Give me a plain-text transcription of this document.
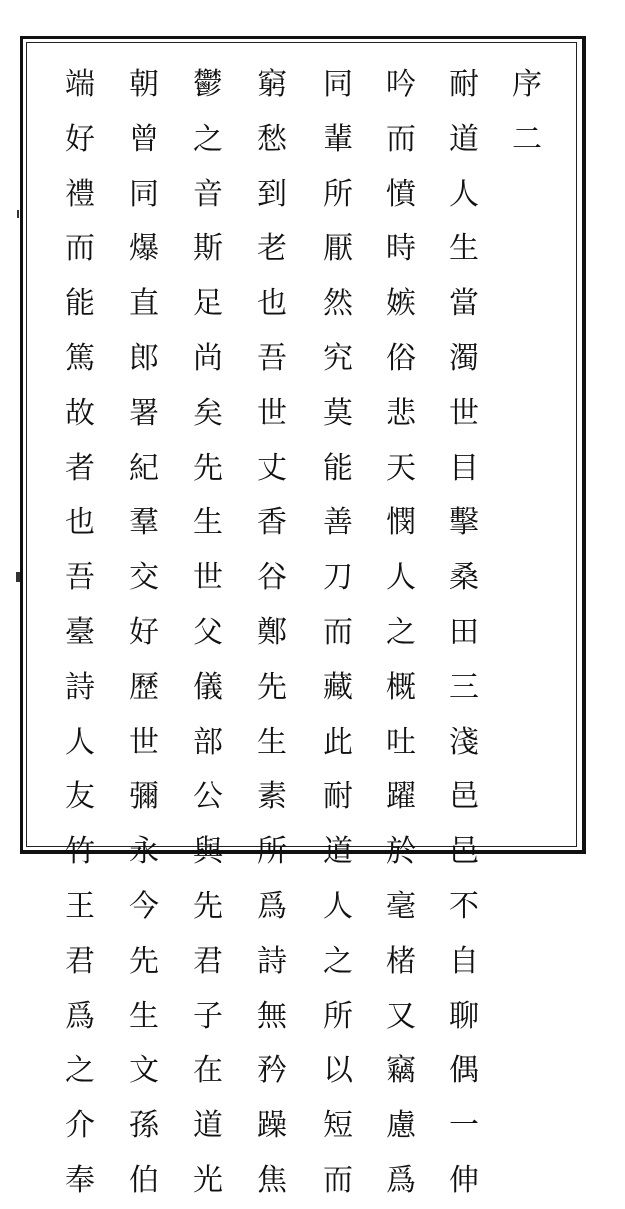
序
二
耐
道
人
生
當
濁
世
目
擊
桑
田
三
淺
邑
邑
不
自
聊
偶
一
伸
吟
而
憤
時
嫉
俗
悲
天
憫
人
之
概
吐
躍
於
毫
楮
又
竊
慮
爲
同
輩
所
厭
然
究
莫
能
善
刀
而
藏
此
耐
道
人
之
所
以
短
而
窮
愁
到
老
也
吾
世
丈
香
谷
鄭
先
生
素
所
爲
詩
無
矜
躁
焦
鬱
之
音
斯
足
尚
矣
先
生
世
父
儀
部
公
與
先
君
子
在
道
光
朝
曾
同
爆
直
郎
署
紀
羣
交
好
歷
世
彌
永
今
先
生
文
孫
伯
端
好
禮
而
能
篤
故
者
也
吾
臺
詩
人
友
竹
王
君
爲
之
介
奉
